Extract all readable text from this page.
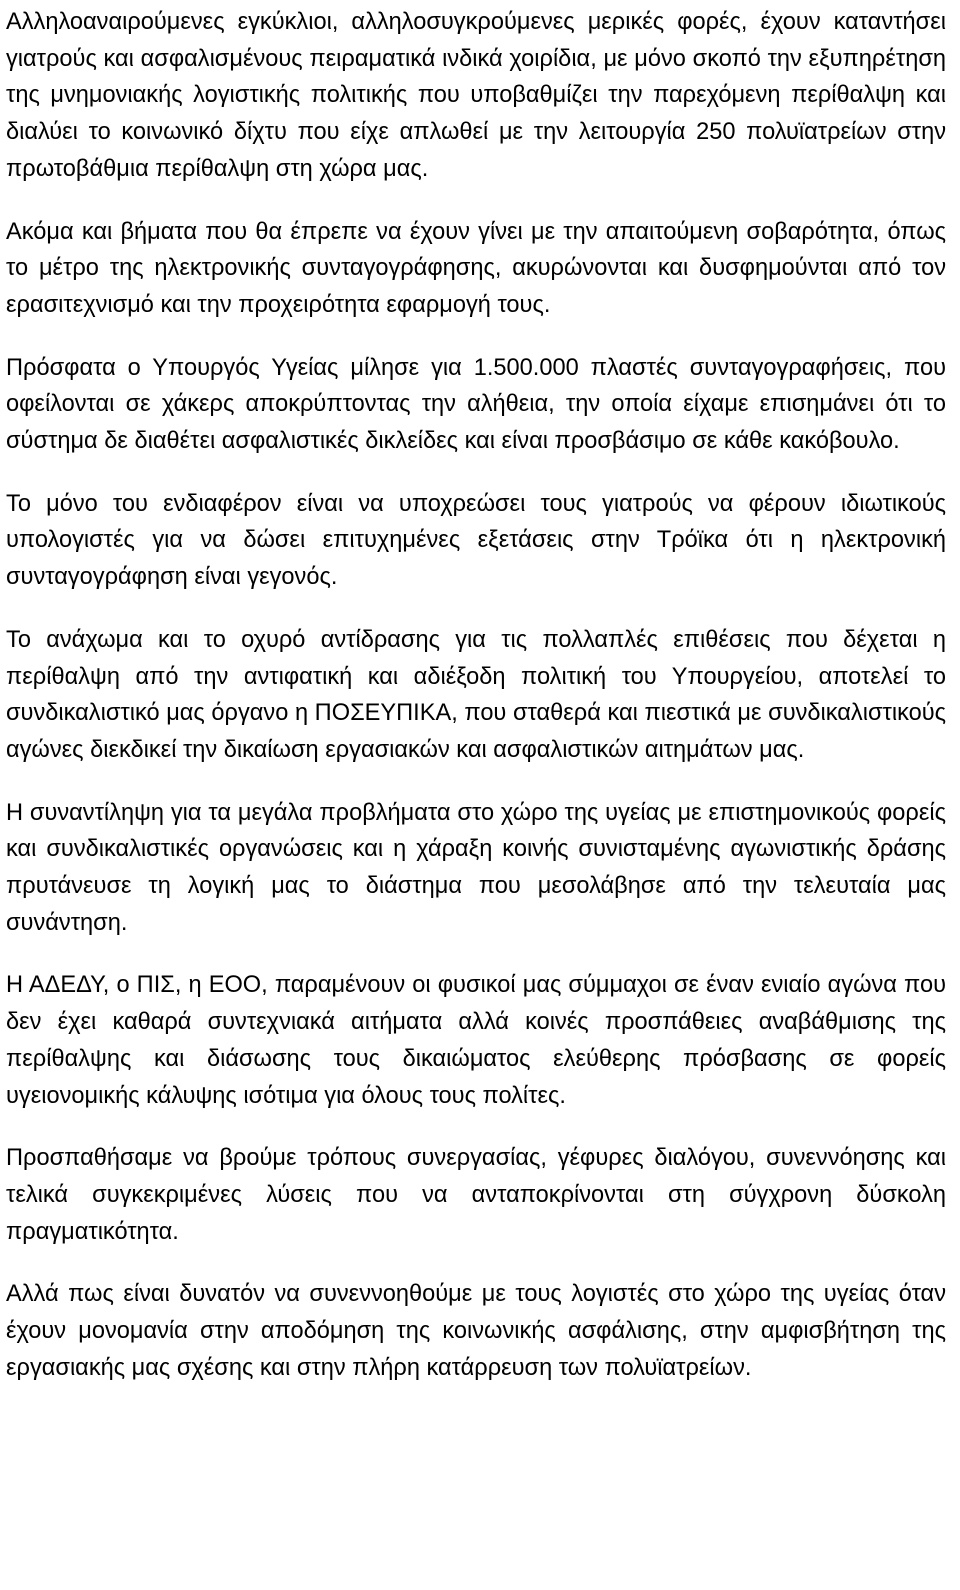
Αλληλοαναιρούμενες εγκύκλιοι, αλληλοσυγκρούμενες μερικές φορές, έχουν καταντήσει γιατρούς και ασφαλισμένους πειραματικά ινδικά χοιρίδια, με μόνο σκοπό την εξυπηρέτηση της μνημονιακής λογιστικής πολιτικής που υποβαθμίζει την παρεχόμενη περίθαλψη και διαλύει το κοινωνικό δίχτυ που είχε απλωθεί με την λειτουργία 250 πολυϊατρείων στην πρωτοβάθμια περίθαλψη στη χώρα μας.

Ακόμα και βήματα που θα έπρεπε να έχουν γίνει με την απαιτούμενη σοβαρότητα, όπως το μέτρο της ηλεκτρονικής συνταγογράφησης, ακυρώνονται και δυσφημούνται από τον ερασιτεχνισμό και την προχειρότητα εφαρμογή τους.

Πρόσφατα ο Υπουργός Υγείας μίλησε για 1.500.000 πλαστές συνταγογραφήσεις, που οφείλονται σε χάκερς αποκρύπτοντας την αλήθεια, την οποία είχαμε επισημάνει ότι το σύστημα δε διαθέτει ασφαλιστικές δικλείδες και είναι προσβάσιμο σε κάθε κακόβουλο.

Το μόνο του ενδιαφέρον είναι να υποχρεώσει τους γιατρούς να φέρουν ιδιωτικούς υπολογιστές για να δώσει επιτυχημένες εξετάσεις στην Τρόϊκα ότι η ηλεκτρονική συνταγογράφηση είναι γεγονός.

Το ανάχωμα και το οχυρό αντίδρασης για τις πολλαπλές επιθέσεις που δέχεται η περίθαλψη από την αντιφατική και αδιέξοδη πολιτική του Υπουργείου, αποτελεί το συνδικαλιστικό μας όργανο η ΠΟΣΕΥΠΙΚΑ, που σταθερά και πιεστικά με συνδικαλιστικούς αγώνες διεκδικεί την δικαίωση εργασιακών και ασφαλιστικών αιτημάτων μας.

Η συναντίληψη για τα μεγάλα προβλήματα στο χώρο της υγείας με επιστημονικούς φορείς και συνδικαλιστικές οργανώσεις και η χάραξη κοινής συνισταμένης αγωνιστικής δράσης πρυτάνευσε τη λογική μας το διάστημα που μεσολάβησε από την τελευταία μας συνάντηση.

Η ΑΔΕΔΥ, ο ΠΙΣ, η ΕΟΟ, παραμένουν οι φυσικοί μας σύμμαχοι σε έναν ενιαίο αγώνα που δεν έχει καθαρά συντεχνιακά αιτήματα αλλά κοινές προσπάθειες αναβάθμισης της περίθαλψης και διάσωσης τους δικαιώματος ελεύθερης πρόσβασης σε φορείς υγειονομικής κάλυψης ισότιμα για όλους τους πολίτες.

Προσπαθήσαμε να βρούμε τρόπους συνεργασίας, γέφυρες διαλόγου, συνεννόησης και τελικά συγκεκριμένες λύσεις που να ανταποκρίνονται στη σύγχρονη δύσκολη πραγματικότητα.

Αλλά πως είναι δυνατόν να συνεννοηθούμε με τους λογιστές στο χώρο της υγείας όταν έχουν μονομανία στην αποδόμηση της κοινωνικής ασφάλισης, στην αμφισβήτηση της εργασιακής μας σχέσης και στην πλήρη κατάρρευση των πολυϊατρείων.
